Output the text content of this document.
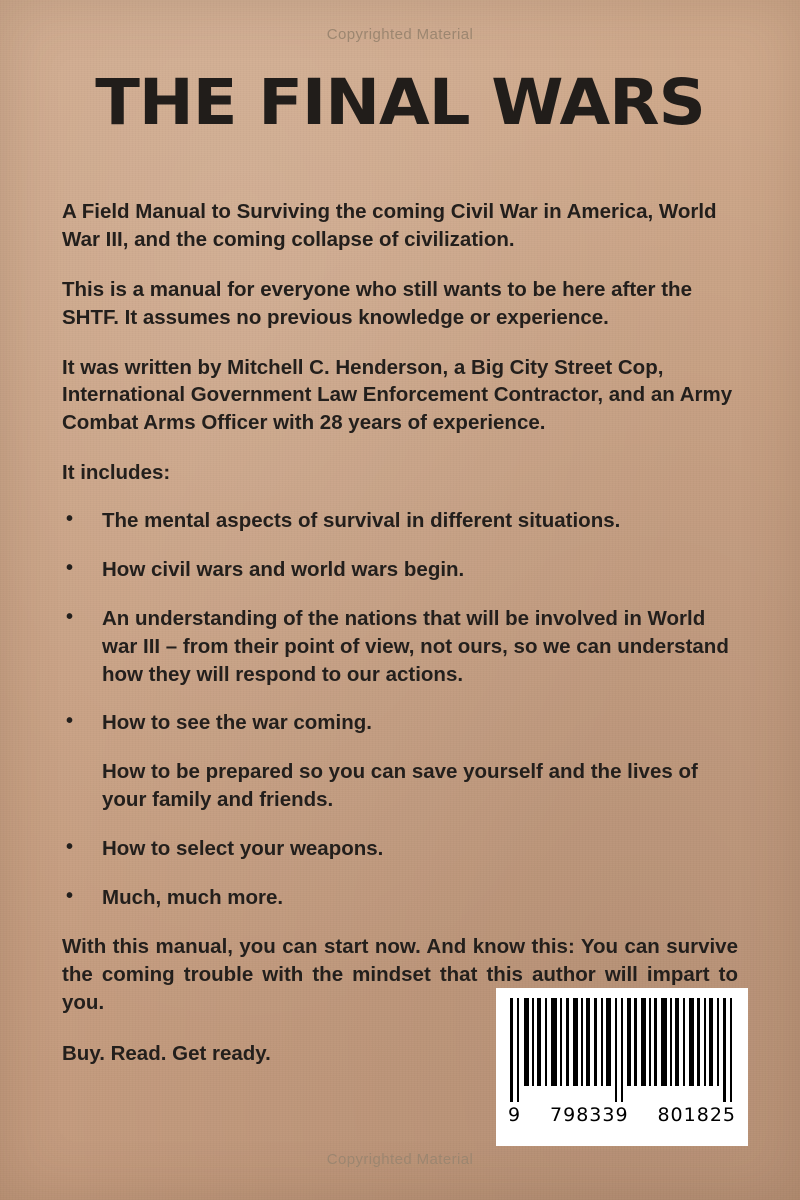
Copyrighted Material
THE FINAL WARS

A Field Manual to Surviving the coming Civil War in America, World War III, and the coming collapse of civilization.

This is a manual for everyone who still wants to be here after the SHTF. It assumes no previous knowledge or experience.

It was written by Mitchell C. Henderson, a Big City Street Cop, International Government Law Enforcement Contractor, and an Army Combat Arms Officer with 28 years of experience.

It includes:

• The mental aspects of survival in different situations.
• How civil wars and world wars begin.
• An understanding of the nations that will be involved in World war III – from their point of view, not ours, so we can understand how they will respond to our actions.
• How to see the war coming.
How to be prepared so you can save yourself and the lives of your family and friends.
• How to select your weapons.
• Much, much more.

With this manual, you can start now. And know this: You can survive the coming trouble with the mindset that this author will impart to you.

Buy. Read. Get ready.

9 798339 801825
Copyrighted Material
